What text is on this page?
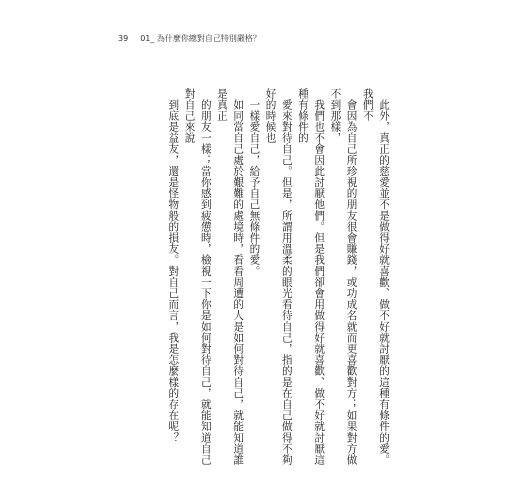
39 01_ 為什麼你總對自己特別嚴格？

此外，真正的慈愛並不是做得好就喜歡、做不好就討厭的這種有條件的愛。我們不
會因為自己所珍視的朋友很會賺錢，或功成名就而更喜歡對方；如果對方做不到那樣，
我們也不會因此討厭他們。但是我們卻會用做得好就喜歡、做不好就討厭這種有條件的
愛來對待自己。但是，所謂用溫柔的眼光看待自己，指的是在自己做得不夠好的時候也
一樣愛自己，給予自己無條件的愛。

如同當自己處於艱難的處境時，看看周遭的人是如何對待自己，就能知道誰是真正
的朋友一樣；當你感到疲憊時，檢視一下你是如何對待自己，就能知道自己對自己來說
到底是益友，還是怪物般的損友。對自己而言，我是怎麼樣的存在呢？
